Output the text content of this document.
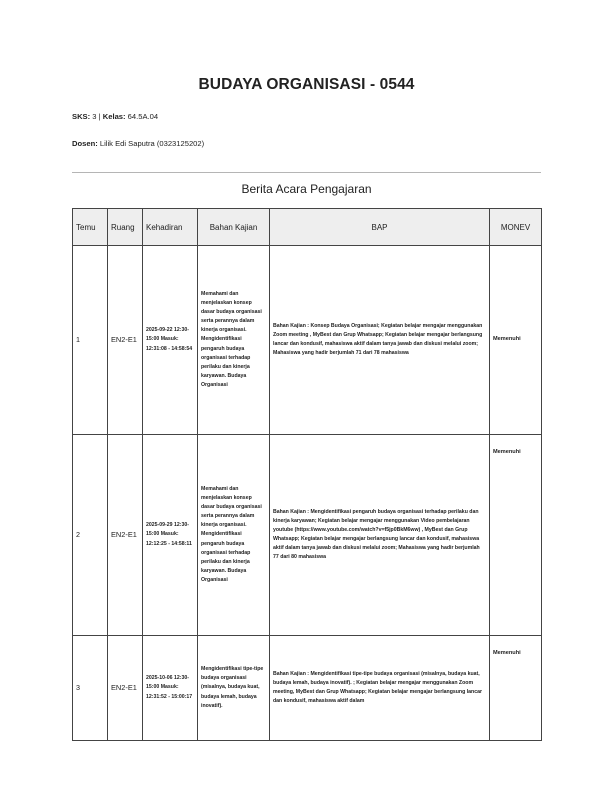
BUDAYA ORGANISASI - 0544
SKS: 3 | Kelas: 64.5A.04
Dosen: Lilik Edi Saputra (0323125202)
Berita Acara Pengajaran
Temu	Ruang	Kehadiran	Bahan Kajian	BAP	MONEV
1	EN2-E1	2025-09-22 12:30-15:00 Masuk: 12:31:08 - 14:58:54	Memahami dan menjelaskan konsep dasar budaya organisasi serta perannya dalam kinerja organisasi. Mengidentifikasi pengaruh budaya organisasi terhadap perilaku dan kinerja karyawan. Budaya Organisasi	Bahan Kajian : Konsep Budaya Organisasi; Kegiatan belajar mengajar menggunakan Zoom meeting , MyBest dan Grup Whatsapp; Kegiatan belajar mengajar berlangsung lancar dan kondusif, mahasiswa aktif dalam tanya jawab dan diskusi melalui zoom; Mahasiswa yang hadir berjumlah 71 dari 78 mahasiswa	Memenuhi
2	EN2-E1	2025-09-29 12:30-15:00 Masuk: 12:12:25 - 14:58:11	Memahami dan menjelaskan konsep dasar budaya organisasi serta perannya dalam kinerja organisasi. Mengidentifikasi pengaruh budaya organisasi terhadap perilaku dan kinerja karyawan. Budaya Organisasi	Bahan Kajian : Mengidentifikasi pengaruh budaya organisasi terhadap perilaku dan kinerja karyawan; Kegiatan belajar mengajar menggunakan Video pembelajaran youtube (https://www.youtube.com/watch?v=f5jp0BkM6ww) , MyBest dan Grup Whatsapp; Kegiatan belajar mengajar berlangsung lancar dan kondusif, mahasiswa aktif dalam tanya jawab dan diskusi melalui zoom; Mahasiswa yang hadir berjumlah 77 dari 80 mahasiswa	Memenuhi
3	EN2-E1	2025-10-06 12:30-15:00 Masuk: 12:31:52 - 15:00:17	Mengidentifikasi tipe-tipe budaya organisasi (misalnya, budaya kuat, budaya lemah, budaya inovatif).	Bahan Kajian : Mengidentifikasi tipe-tipe budaya organisasi (misalnya, budaya kuat, budaya lemah, budaya inovatif). ; Kegiatan belajar mengajar menggunakan Zoom meeting, MyBest dan Grup Whatsapp; Kegiatan belajar mengajar berlangsung lancar dan kondusif, mahasiswa aktif dalam	Memenuhi
